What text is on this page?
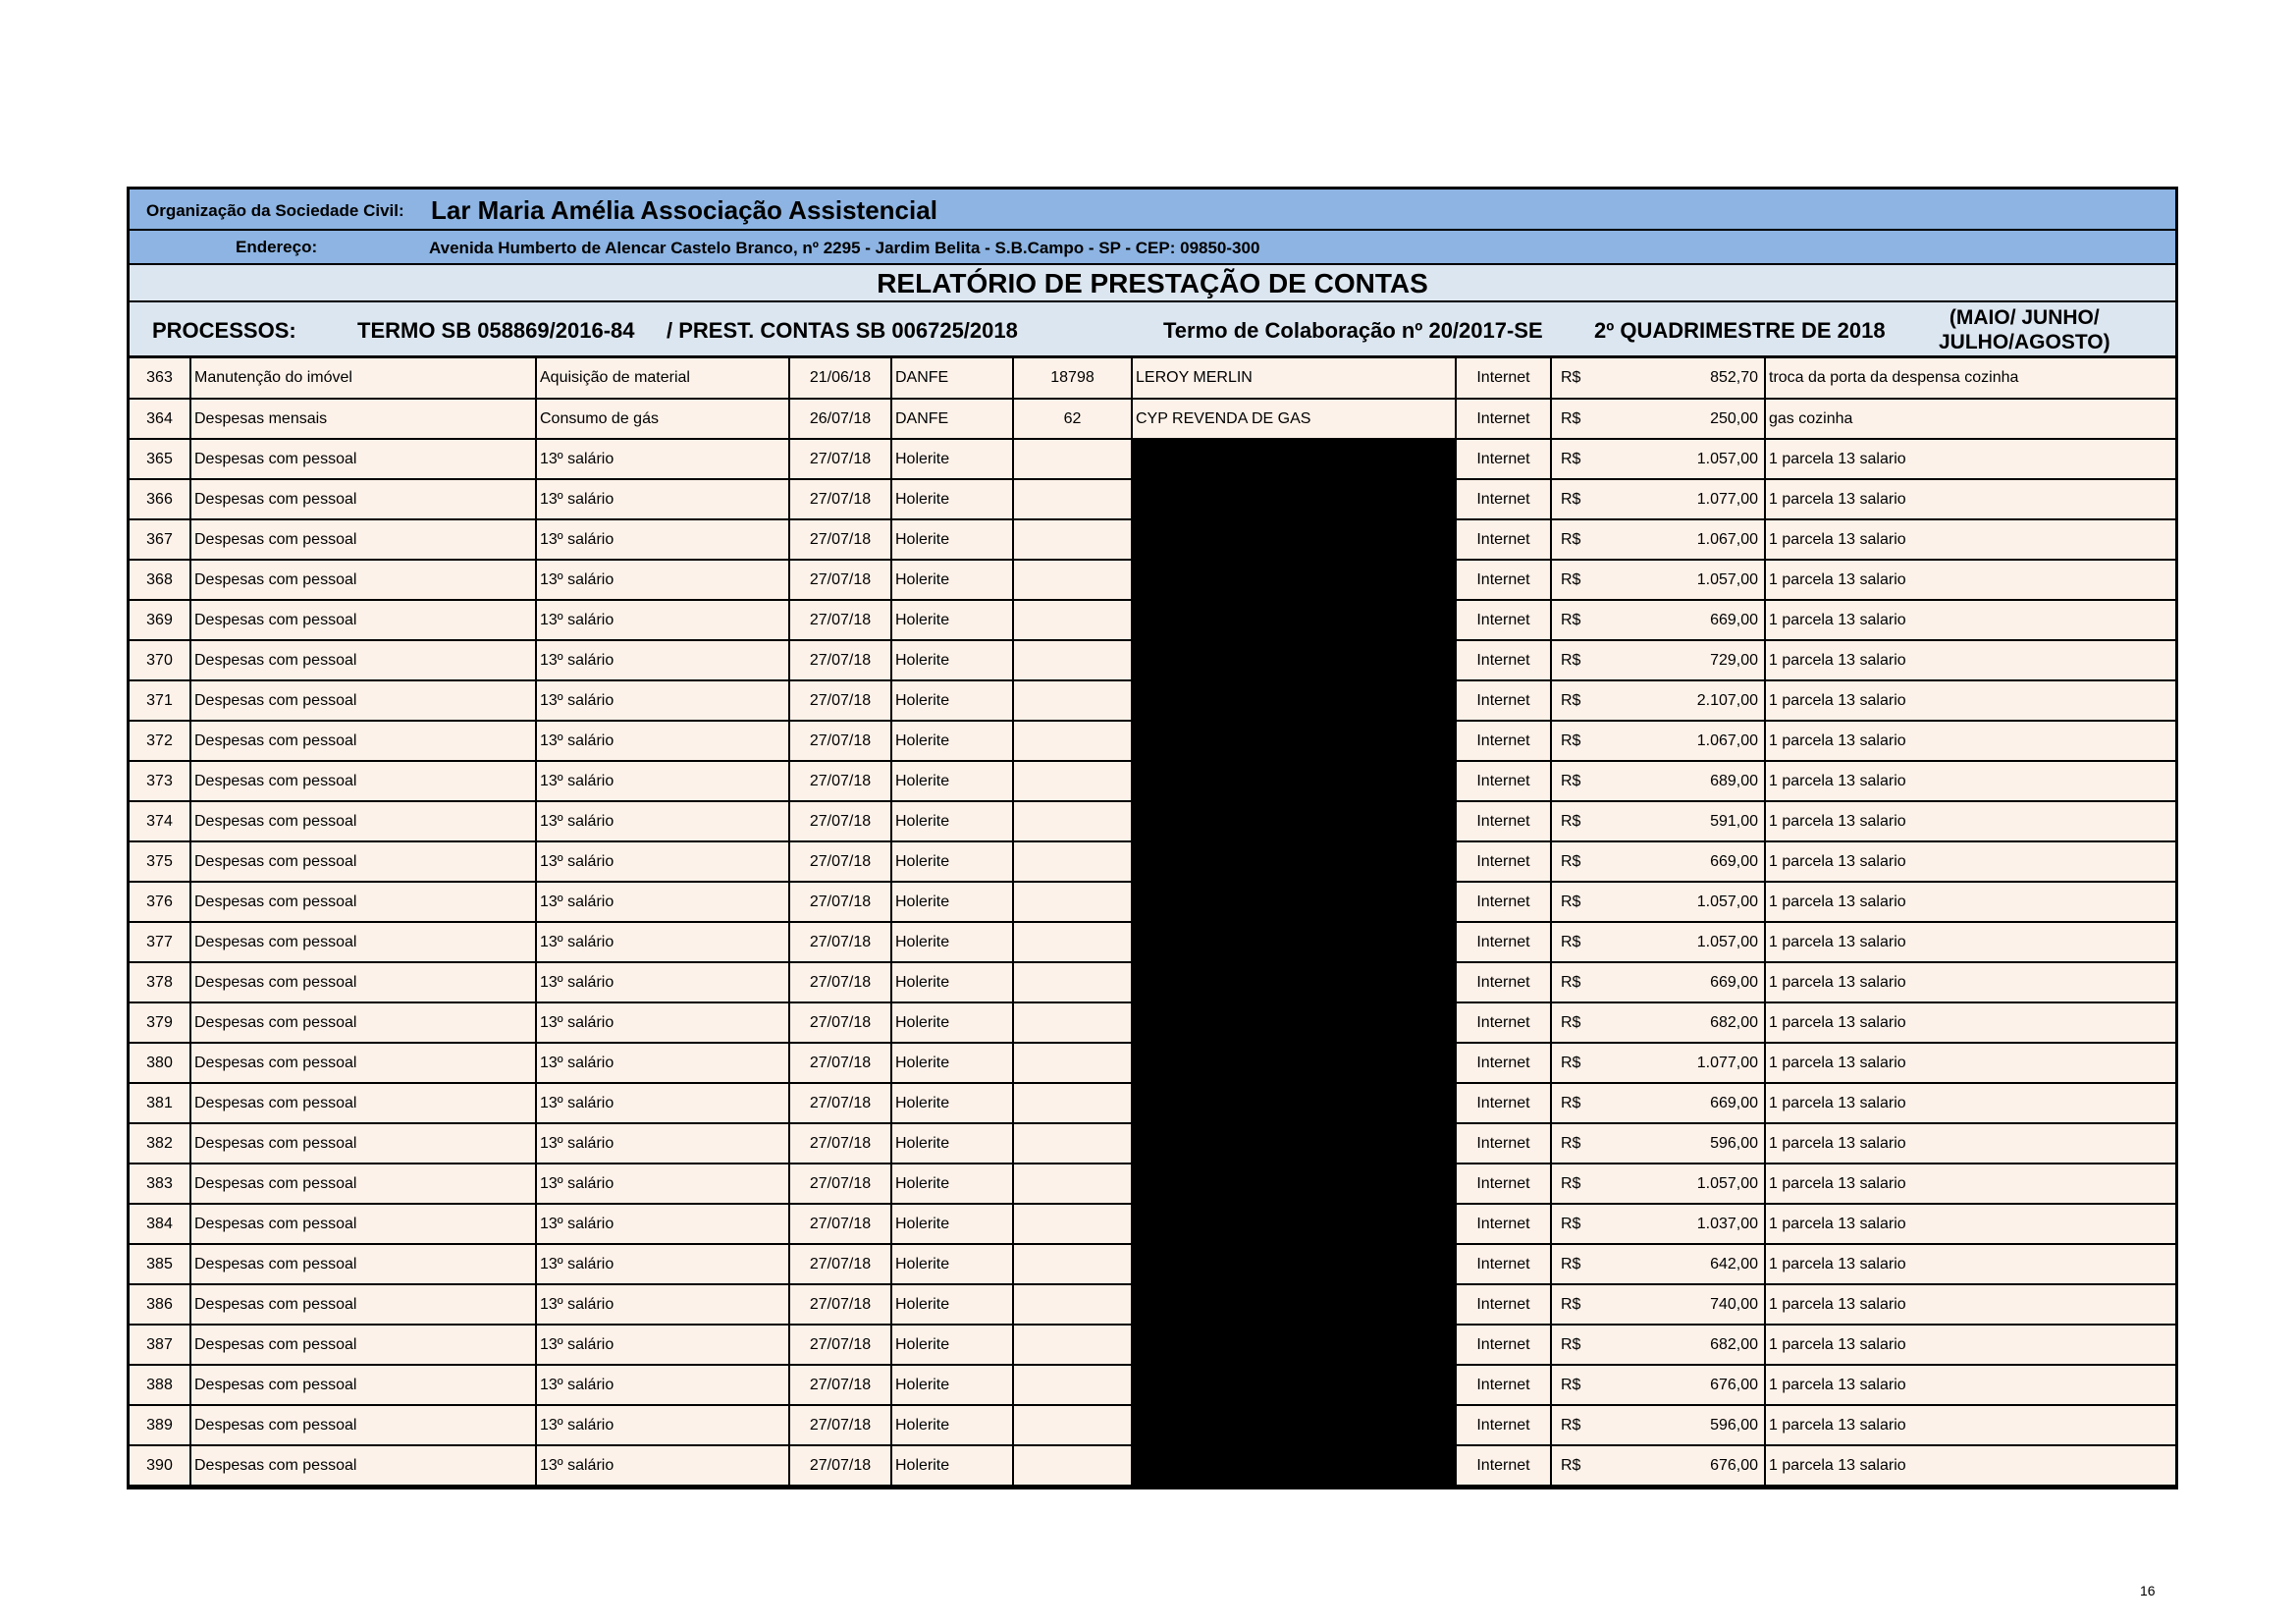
Organização da Sociedade Civil: Lar Maria Amélia Associação Assistencial
Endereço:	Avenida Humberto de Alencar Castelo Branco, nº 2295 - Jardim Belita - S.B.Campo - SP - CEP: 09850-300
RELATÓRIO DE PRESTAÇÃO DE CONTAS
PROCESSOS:	TERMO SB 058869/2016-84 / PREST. CONTAS SB 006725/2018	Termo de Colaboração nº 20/2017-SE 2º QUADRIMESTRE DE 2018
(MAIO/ JUNHO/
JULHO/AGOSTO)
363	Manutenção do imóvel	Aquisição de material	21/06/18	DANFE	18798	LEROY MERLIN	Internet	R$ 852,70	troca da porta da despensa cozinha
364	Despesas mensais	Consumo de gás	26/07/18	DANFE	62	CYP REVENDA DE GAS	Internet	R$ 250,00	gas cozinha
365	Despesas com pessoal	13º salário	27/07/18	Holerite			Internet	R$ 1.057,00	1 parcela 13 salario
366	Despesas com pessoal	13º salário	27/07/18	Holerite			Internet	R$ 1.077,00	1 parcela 13 salario
367	Despesas com pessoal	13º salário	27/07/18	Holerite			Internet	R$ 1.067,00	1 parcela 13 salario
368	Despesas com pessoal	13º salário	27/07/18	Holerite			Internet	R$ 1.057,00	1 parcela 13 salario
369	Despesas com pessoal	13º salário	27/07/18	Holerite			Internet	R$ 669,00	1 parcela 13 salario
370	Despesas com pessoal	13º salário	27/07/18	Holerite			Internet	R$ 729,00	1 parcela 13 salario
371	Despesas com pessoal	13º salário	27/07/18	Holerite			Internet	R$ 2.107,00	1 parcela 13 salario
372	Despesas com pessoal	13º salário	27/07/18	Holerite			Internet	R$ 1.067,00	1 parcela 13 salario
373	Despesas com pessoal	13º salário	27/07/18	Holerite			Internet	R$ 689,00	1 parcela 13 salario
374	Despesas com pessoal	13º salário	27/07/18	Holerite			Internet	R$ 591,00	1 parcela 13 salario
375	Despesas com pessoal	13º salário	27/07/18	Holerite			Internet	R$ 669,00	1 parcela 13 salario
376	Despesas com pessoal	13º salário	27/07/18	Holerite			Internet	R$ 1.057,00	1 parcela 13 salario
377	Despesas com pessoal	13º salário	27/07/18	Holerite			Internet	R$ 1.057,00	1 parcela 13 salario
378	Despesas com pessoal	13º salário	27/07/18	Holerite			Internet	R$ 669,00	1 parcela 13 salario
379	Despesas com pessoal	13º salário	27/07/18	Holerite			Internet	R$ 682,00	1 parcela 13 salario
380	Despesas com pessoal	13º salário	27/07/18	Holerite			Internet	R$ 1.077,00	1 parcela 13 salario
381	Despesas com pessoal	13º salário	27/07/18	Holerite			Internet	R$ 669,00	1 parcela 13 salario
382	Despesas com pessoal	13º salário	27/07/18	Holerite			Internet	R$ 596,00	1 parcela 13 salario
383	Despesas com pessoal	13º salário	27/07/18	Holerite			Internet	R$ 1.057,00	1 parcela 13 salario
384	Despesas com pessoal	13º salário	27/07/18	Holerite			Internet	R$ 1.037,00	1 parcela 13 salario
385	Despesas com pessoal	13º salário	27/07/18	Holerite			Internet	R$ 642,00	1 parcela 13 salario
386	Despesas com pessoal	13º salário	27/07/18	Holerite			Internet	R$ 740,00	1 parcela 13 salario
387	Despesas com pessoal	13º salário	27/07/18	Holerite			Internet	R$ 682,00	1 parcela 13 salario
388	Despesas com pessoal	13º salário	27/07/18	Holerite			Internet	R$ 676,00	1 parcela 13 salario
389	Despesas com pessoal	13º salário	27/07/18	Holerite			Internet	R$ 596,00	1 parcela 13 salario
390	Despesas com pessoal	13º salário	27/07/18	Holerite			Internet	R$ 676,00	1 parcela 13 salario
16
